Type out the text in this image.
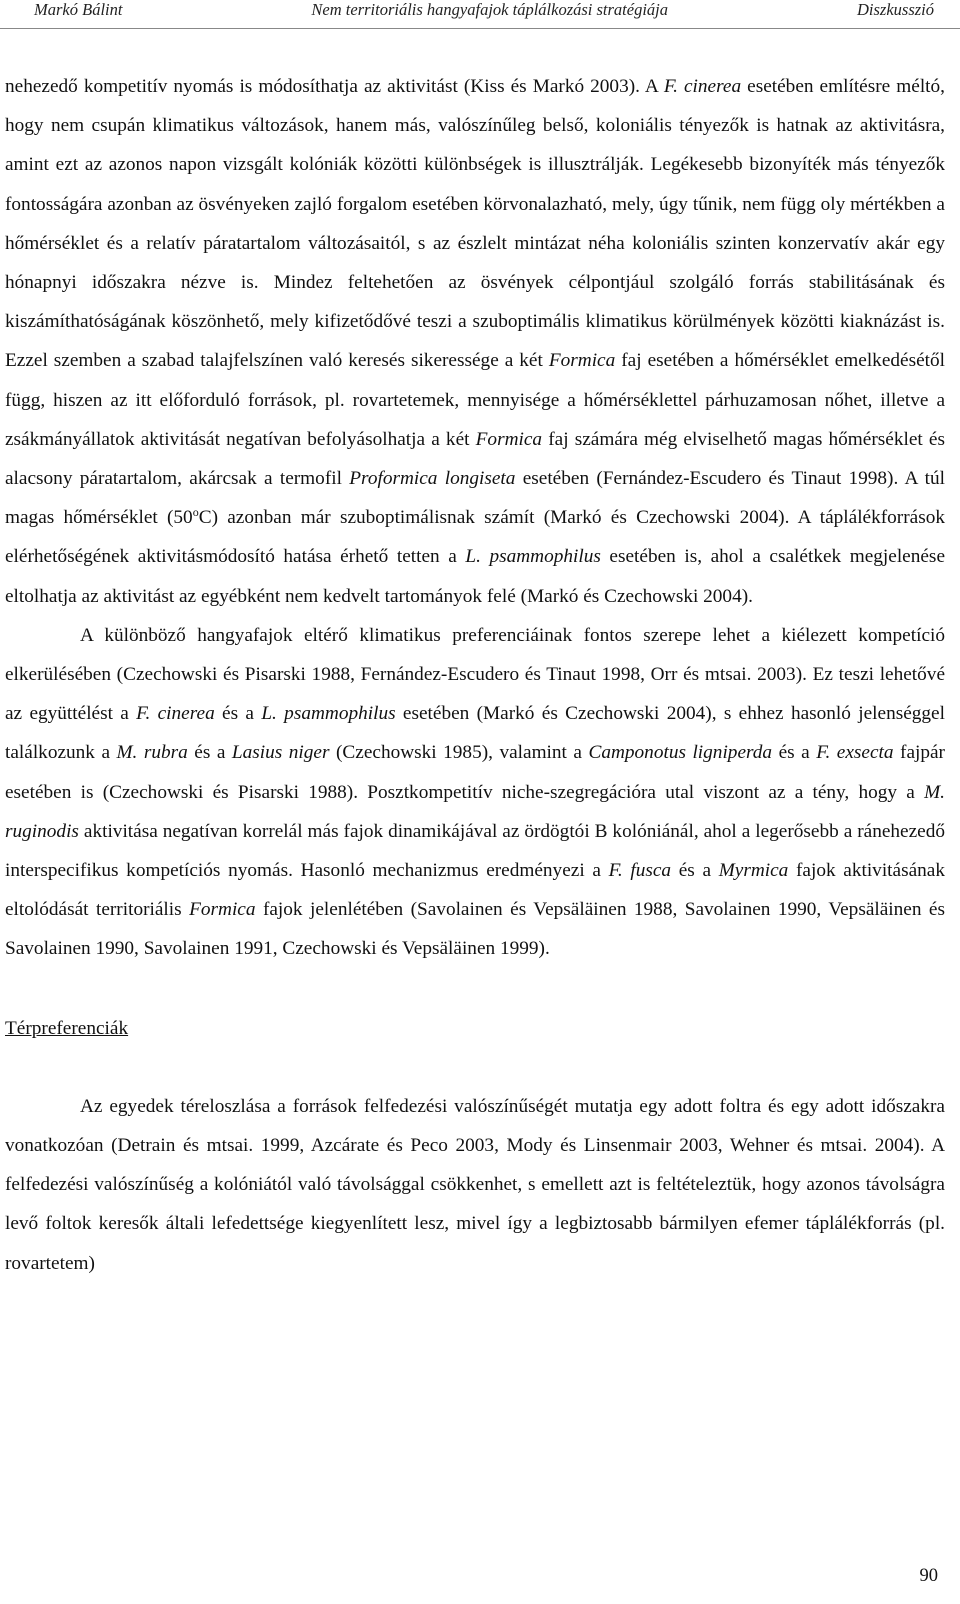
Markó Bálint	Nem territoriális hangyafajok táplálkozási stratégiája	Diszkusszió

nehezedő kompetitív nyomás is módosíthatja az aktivitást (Kiss és Markó 2003). A F. cinerea esetében említésre méltó, hogy nem csupán klimatikus változások, hanem más, valószínűleg belső, koloniális tényezők is hatnak az aktivitásra, amint ezt az azonos napon vizsgált kolóniák közötti különbségek is illusztrálják. Legékesebb bizonyíték más tényezők fontosságára azonban az ösvényeken zajló forgalom esetében körvonalazható, mely, úgy tűnik, nem függ oly mértékben a hőmérséklet és a relatív páratartalom változásaitól, s az észlelt mintázat néha koloniális szinten konzervatív akár egy hónapnyi időszakra nézve is. Mindez feltehetően az ösvények célpontjául szolgáló forrás stabilitásának és kiszámíthatóságának köszönhető, mely kifizetődővé teszi a szuboptimális klimatikus körülmények közötti kiaknázást is. Ezzel szemben a szabad talajfelszínen való keresés sikeressége a két Formica faj esetében a hőmérséklet emelkedésétől függ, hiszen az itt előforduló források, pl. rovartetemek, mennyisége a hőmérséklettel párhuzamosan nőhet, illetve a zsákmányállatok aktivitását negatívan befolyásolhatja a két Formica faj számára még elviselhető magas hőmérséklet és alacsony páratartalom, akárcsak a termofil Proformica longiseta esetében (Fernández-Escudero és Tinaut 1998). A túl magas hőmérséklet (50$^o$C) azonban már szuboptimálisnak számít (Markó és Czechowski 2004). A táplálékforrások elérhetőségének aktivitásmódosító hatása érhető tetten a L. psammophilus esetében is, ahol a csalétkek megjelenése eltolhatja az aktivitást az egyébként nem kedvelt tartományok felé (Markó és Czechowski 2004).

A különböző hangyafajok eltérő klimatikus preferenciáinak fontos szerepe lehet a kiélezett kompetíció elkerülésében (Czechowski és Pisarski 1988, Fernández-Escudero és Tinaut 1998, Orr és mtsai. 2003). Ez teszi lehetővé az együttélést a F. cinerea és a L. psammophilus esetében (Markó és Czechowski 2004), s ehhez hasonló jelenséggel találkozunk a M. rubra és a Lasius niger (Czechowski 1985), valamint a Camponotus ligniperda és a F. exsecta fajpár esetében is (Czechowski és Pisarski 1988). Posztkompetitív niche-szegregációra utal viszont az a tény, hogy a M. ruginodis aktivitása negatívan korrelál más fajok dinamikájával az ördögtói B kolóniánál, ahol a legerősebb a ránehezedő interspecifikus kompetíciós nyomás. Hasonló mechanizmus eredményezi a F. fusca és a Myrmica fajok aktivitásának eltolódását territoriális Formica fajok jelenlétében (Savolainen és Vepsäläinen 1988, Savolainen 1990, Vepsäläinen és Savolainen 1990, Savolainen 1991, Czechowski és Vepsäläinen 1999).

Térpreferenciák

Az egyedek téreloszlása a források felfedezési valószínűségét mutatja egy adott foltra és egy adott időszakra vonatkozóan (Detrain és mtsai. 1999, Azcárate és Peco 2003, Mody és Linsenmair 2003, Wehner és mtsai. 2004). A felfedezési valószínűség a kolóniától való távolsággal csökkenhet, s emellett azt is feltételeztük, hogy azonos távolságra levő foltok keresők általi lefedettsége kiegyenlített lesz, mivel így a legbiztosabb bármilyen efemer táplálékforrás (pl. rovartetem)

90
